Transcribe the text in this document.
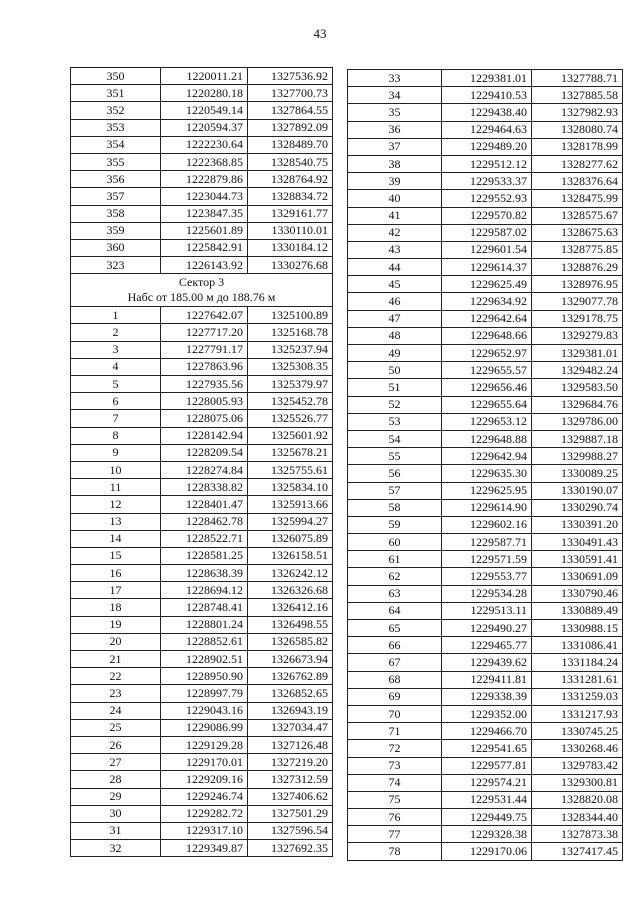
43
350	1220011.21	1327536.92
351	1220280.18	1327700.73
352	1220549.14	1327864.55
353	1220594.37	1327892.09
354	1222230.64	1328489.70
355	1222368.85	1328540.75
356	1222879.86	1328764.92
357	1223044.73	1328834.72
358	1223847.35	1329161.77
359	1225601.89	1330110.01
360	1225842.91	1330184.12
323	1226143.92	1330276.68

Сектор 3
Набс от 185.00 м до 188.76 м		

1	1227642.07	1325100.89
2	1227717.20	1325168.78
3	1227791.17	1325237.94
4	1227863.96	1325308.35
5	1227935.56	1325379.97
6	1228005.93	1325452.78
7	1228075.06	1325526.77
8	1228142.94	1325601.92
9	1228209.54	1325678.21
10	1228274.84	1325755.61
11	1228338.82	1325834.10
12	1228401.47	1325913.66
13	1228462.78	1325994.27
14	1228522.71	1326075.89
15	1228581.25	1326158.51
16	1228638.39	1326242.12
17	1228694.12	1326326.68
18	1228748.41	1326412.16
19	1228801.24	1326498.55
20	1228852.61	1326585.82
21	1228902.51	1326673.94
22	1228950.90	1326762.89
23	1228997.79	1326852.65
24	1229043.16	1326943.19
25	1229086.99	1327034.47
26	1229129.28	1327126.48
27	1229170.01	1327219.20
28	1229209.16	1327312.59
29	1229246.74	1327406.62
30	1229282.72	1327501.29
31	1229317.10	1327596.54
32	1229349.87	1327692.35
33	1229381.01	1327788.71
34	1229410.53	1327885.58
35	1229438.40	1327982.93
36	1229464.63	1328080.74
37	1229489.20	1328178.99
38	1229512.12	1328277.62
39	1229533.37	1328376.64
40	1229552.93	1328475.99
41	1229570.82	1328575.67
42	1229587.02	1328675.63
43	1229601.54	1328775.85
44	1229614.37	1328876.29
45	1229625.49	1328976.95
46	1229634.92	1329077.78
47	1229642.64	1329178.75
48	1229648.66	1329279.83
49	1229652.97	1329381.01
50	1229655.57	1329482.24
51	1229656.46	1329583.50
52	1229655.64	1329684.76
53	1229653.12	1329786.00
54	1229648.88	1329887.18
55	1229642.94	1329988.27
56	1229635.30	1330089.25
57	1229625.95	1330190.07
58	1229614.90	1330290.74
59	1229602.16	1330391.20
60	1229587.71	1330491.43
61	1229571.59	1330591.41
62	1229553.77	1330691.09
63	1229534.28	1330790.46
64	1229513.11	1330889.49
65	1229490.27	1330988.15
66	1229465.77	1331086.41
67	1229439.62	1331184.24
68	1229411.81	1331281.61
69	1229338.39	1331259.03
70	1229352.00	1331217.93
71	1229466.70	1330745.25
72	1229541.65	1330268.46
73	1229577.81	1329783.42
74	1229574.21	1329300.81
75	1229531.44	1328820.08
76	1229449.75	1328344.40
77	1229328.38	1327873.38
78	1229170.06	1327417.45
